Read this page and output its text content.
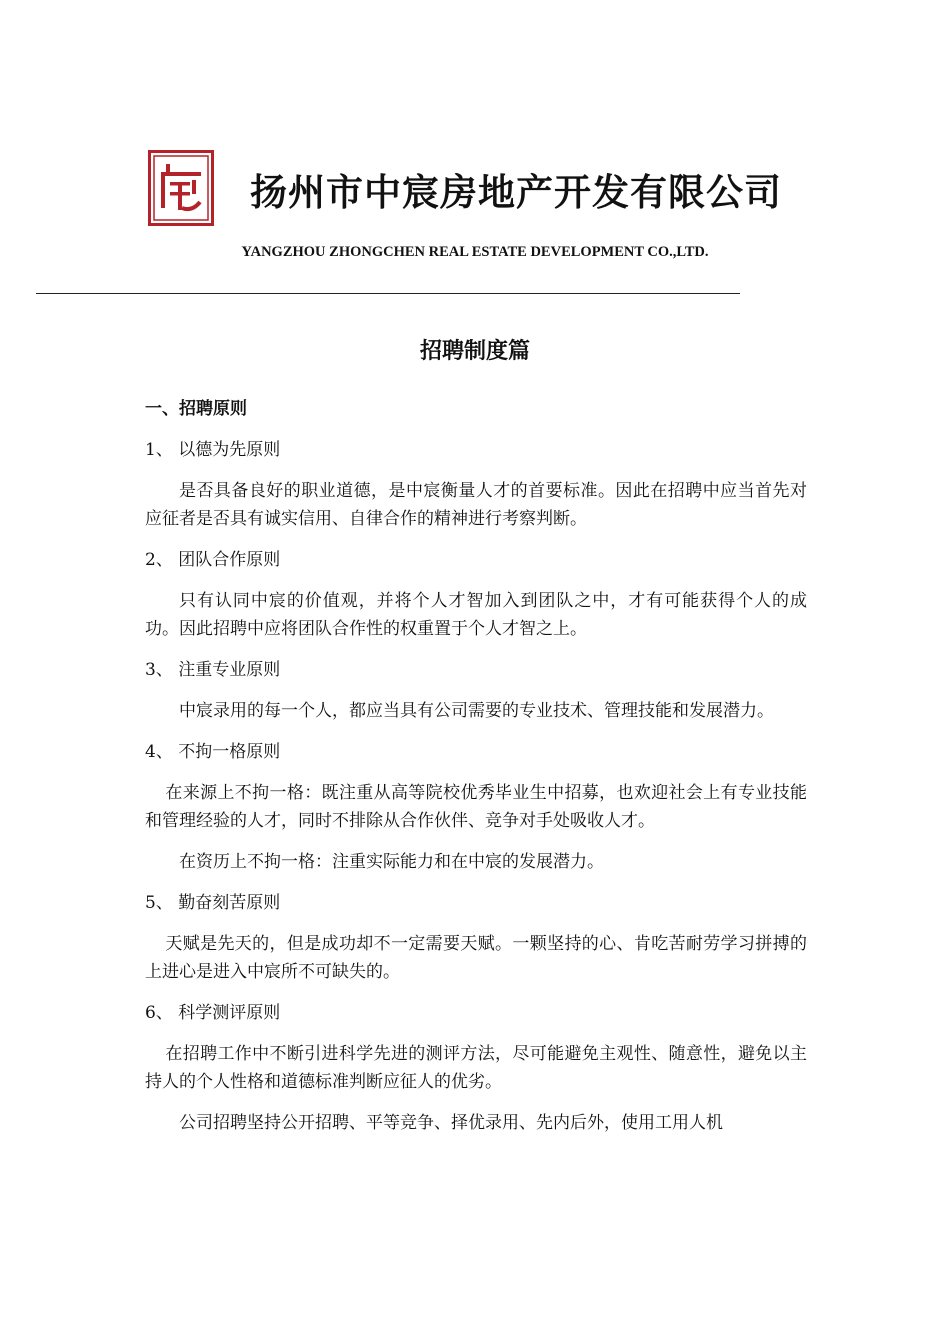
扬州市中宸房地产开发有限公司
YANGZHOU ZHONGCHEN REAL ESTATE DEVELOPMENT CO.,LTD.
招聘制度篇

一、招聘原则

1、 以德为先原则

是否具备良好的职业道德，是中宸衡量人才的首要标准。因此在招聘中应当首先对应征者是否具有诚实信用、自律合作的精神进行考察判断。

2、 团队合作原则

只有认同中宸的价值观，并将个人才智加入到团队之中，才有可能获得个人的成功。因此招聘中应将团队合作性的权重置于个人才智之上。

3、 注重专业原则

中宸录用的每一个人，都应当具有公司需要的专业技术、管理技能和发展潜力。

4、 不拘一格原则

在来源上不拘一格：既注重从高等院校优秀毕业生中招募，也欢迎社会上有专业技能和管理经验的人才，同时不排除从合作伙伴、竞争对手处吸收人才。

在资历上不拘一格：注重实际能力和在中宸的发展潜力。

5、 勤奋刻苦原则

天赋是先天的，但是成功却不一定需要天赋。一颗坚持的心、肯吃苦耐劳学习拼搏的上进心是进入中宸所不可缺失的。

6、 科学测评原则

在招聘工作中不断引进科学先进的测评方法，尽可能避免主观性、随意性，避免以主持人的个人性格和道德标准判断应征人的优劣。

公司招聘坚持公开招聘、平等竞争、择优录用、先内后外，使用工用人机
